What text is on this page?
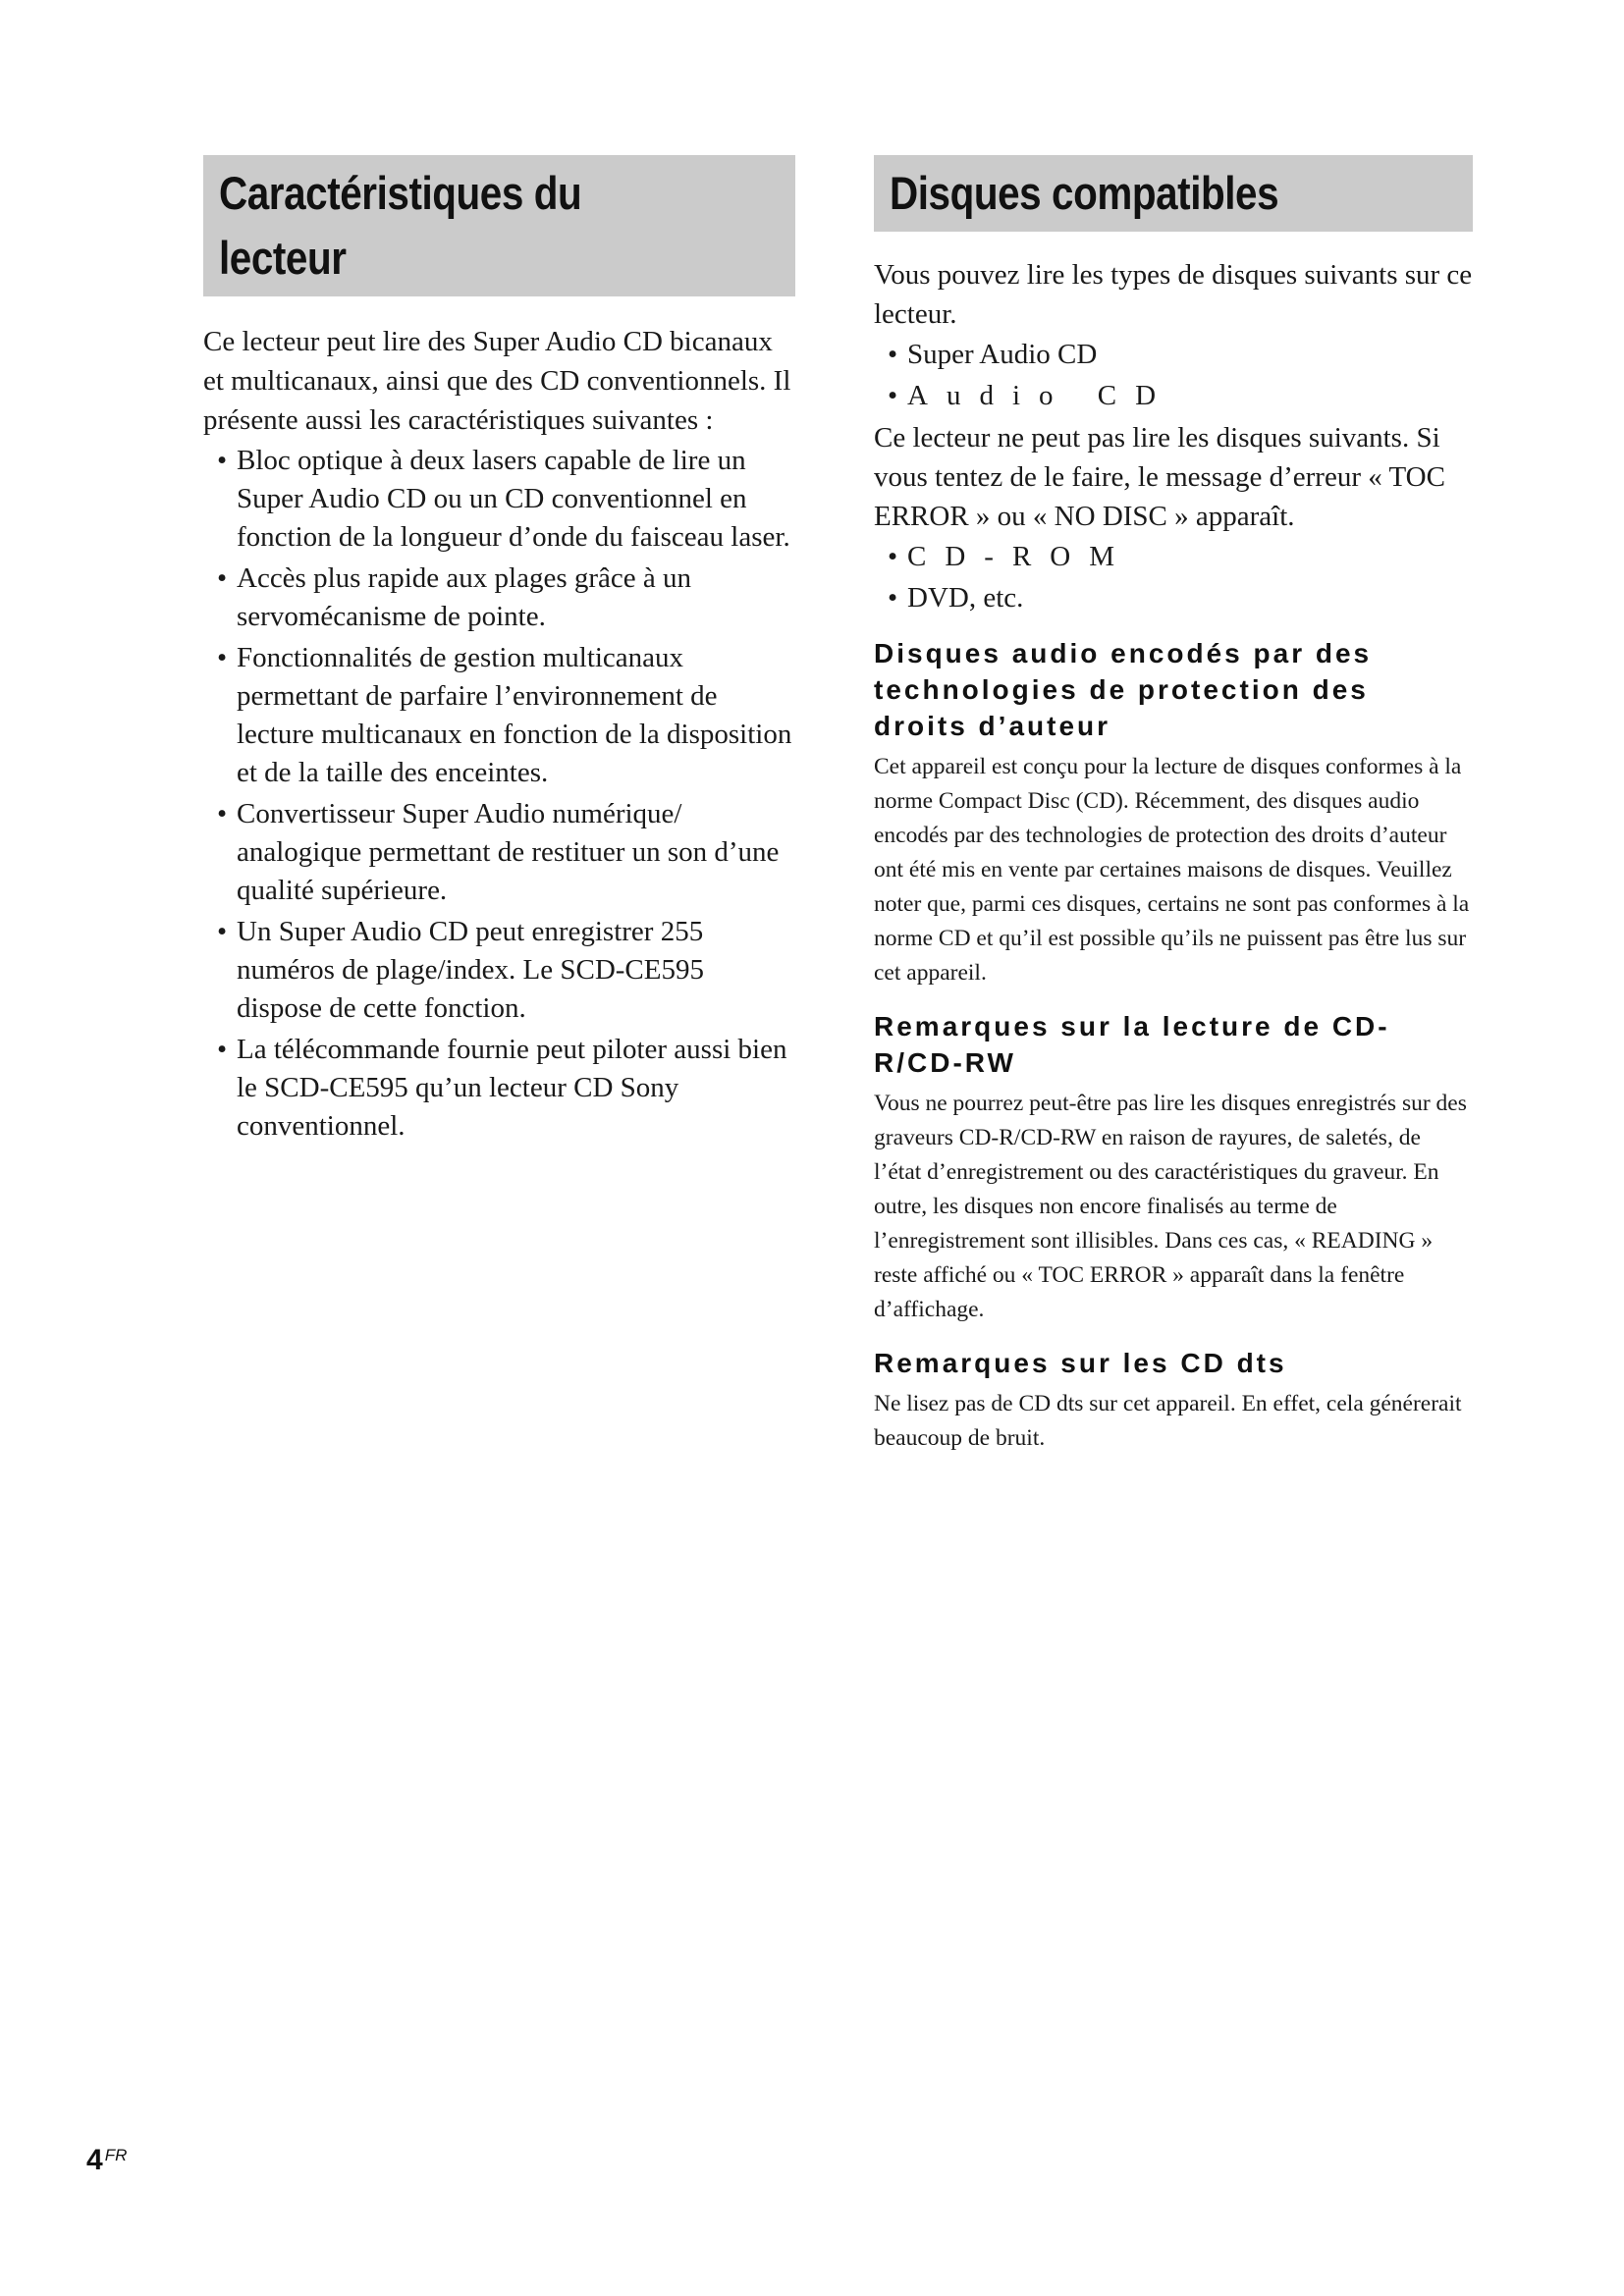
Caractéristiques du
lecteur

Ce lecteur peut lire des Super Audio CD bicanaux et multicanaux, ainsi que des CD conventionnels. Il présente aussi les caractéristiques suivantes :

• Bloc optique à deux lasers capable de lire un Super Audio CD ou un CD conventionnel en fonction de la longueur d’onde du faisceau laser.
• Accès plus rapide aux plages grâce à un servomécanisme de pointe.
• Fonctionnalités de gestion multicanaux permettant de parfaire l’environnement de lecture multicanaux en fonction de la disposition et de la taille des enceintes.
• Convertisseur Super Audio numérique/ analogique permettant de restituer un son d’une qualité supérieure.
• Un Super Audio CD peut enregistrer 255 numéros de plage/index. Le SCD-CE595 dispose de cette fonction.
• La télécommande fournie peut piloter aussi bien le SCD-CE595 qu’un lecteur CD Sony conventionnel.
Disques compatibles

Vous pouvez lire les types de disques suivants sur ce lecteur.

• Super Audio CD
• Audio CD

Ce lecteur ne peut pas lire les disques suivants. Si vous tentez de le faire, le message d’erreur « TOC ERROR » ou « NO DISC » apparaît.

• CD-ROM
• DVD, etc.
Disques audio encodés par des technologies de protection des droits d’auteur

Cet appareil est conçu pour la lecture de disques conformes à la norme Compact Disc (CD). Récemment, des disques audio encodés par des technologies de protection des droits d’auteur ont été mis en vente par certaines maisons de disques. Veuillez noter que, parmi ces disques, certains ne sont pas conformes à la norme CD et qu’il est possible qu’ils ne puissent pas être lus sur cet appareil.

Remarques sur la lecture de CD-R/CD-RW

Vous ne pourrez peut-être pas lire les disques enregistrés sur des graveurs CD-R/CD-RW en raison de rayures, de saletés, de l’état d’enregistrement ou des caractéristiques du graveur. En outre, les disques non encore finalisés au terme de l’enregistrement sont illisibles. Dans ces cas, « READING » reste affiché ou « TOC ERROR » apparaît dans la fenêtre d’affichage.

Remarques sur les CD dts

Ne lisez pas de CD dts sur cet appareil. En effet, cela générerait beaucoup de bruit.

4 $^{FR}$
